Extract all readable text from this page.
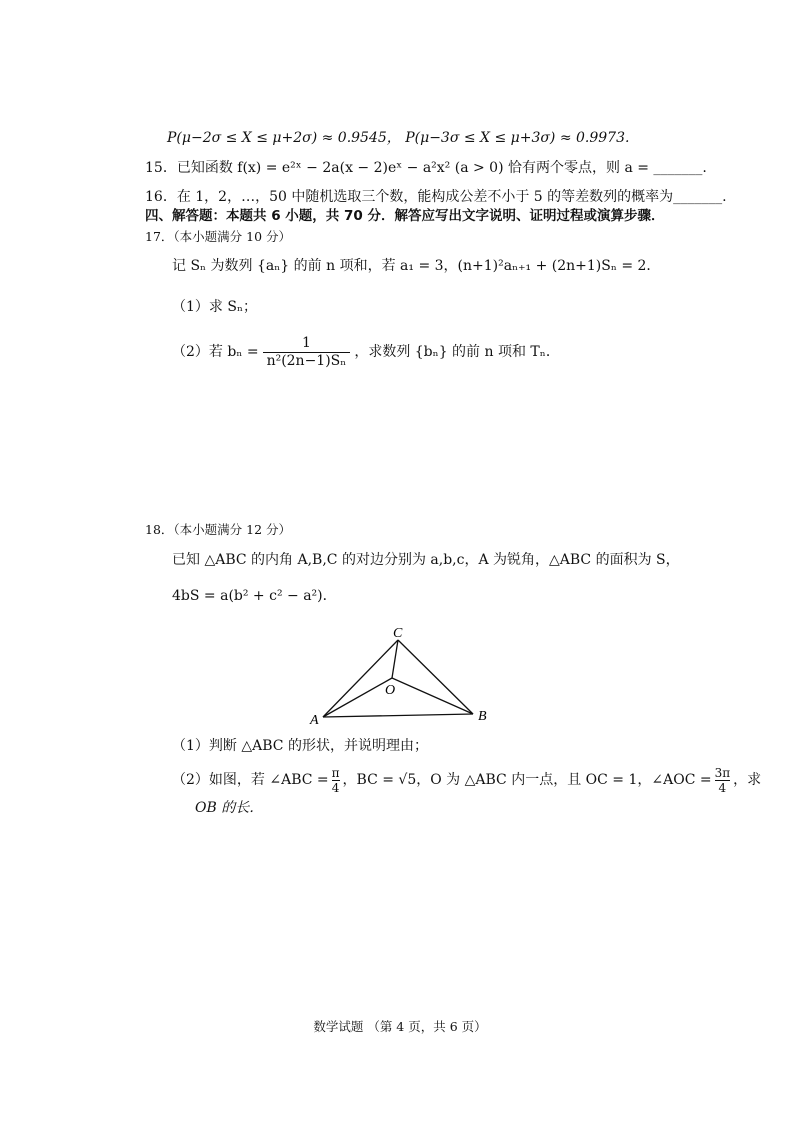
P(μ−2σ ≤ X ≤ μ+2σ) ≈ 0.9545， P(μ−3σ ≤ X ≤ μ+3σ) ≈ 0.9973.
15．已知函数 f(x) = e²ˣ − 2a(x − 2)eˣ − a²x² (a > 0) 恰有两个零点，则 a = _______.
16．在 1，2，…，50 中随机选取三个数，能构成公差不小于 5 的等差数列的概率为_______.
四、解答题：本题共 6 小题，共 70 分．解答应写出文字说明、证明过程或演算步骤．
17．（本小题满分 10 分）
记 Sₙ 为数列 {aₙ} 的前 n 项和，若 a₁ = 3，(n+1)²aₙ₊₁ + (2n+1)Sₙ = 2．
（1）求 Sₙ；
（2）若 bₙ =
1
n²(2n−1)Sₙ
，求数列 {bₙ} 的前 n 项和 Tₙ．
18．（本小题满分 12 分）
已知 △ABC 的内角 A,B,C 的对边分别为 a,b,c，A 为锐角，△ABC 的面积为 S，
4bS = a(b² + c² − a²)．
C
O
A	B
（1）判断 △ABC 的形状，并说明理由；
（2）如图，若 ∠ABC = π
4 ，BC = √5，O 为 △ABC 内一点，且 OC = 1，∠AOC = 3π
4 ，求
OB 的长．
数学试题 （第 4 页，共 6 页）
